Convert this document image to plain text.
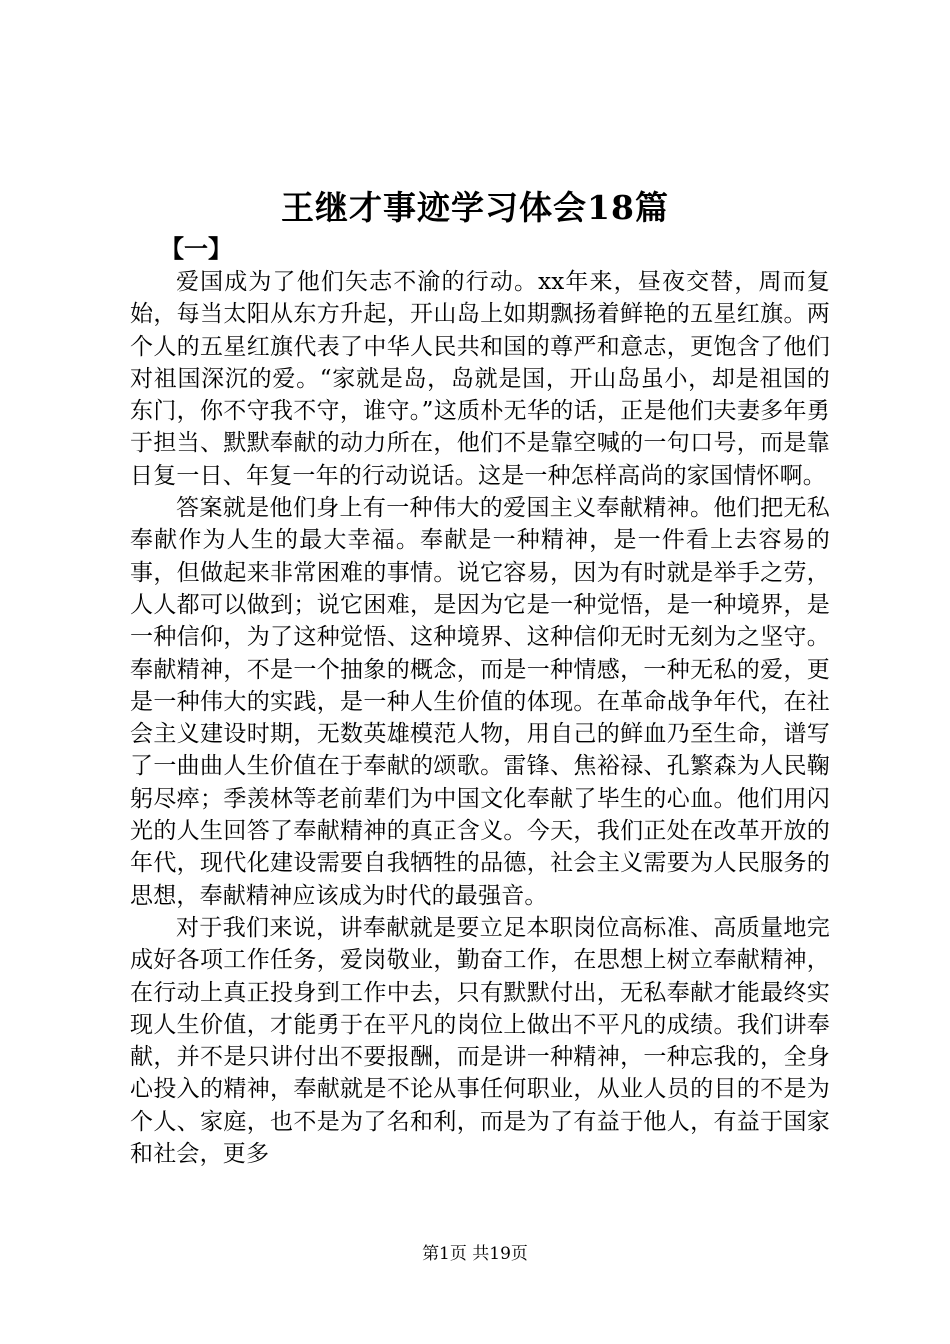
王继才事迹学习体会18篇
【一】

爱国成为了他们矢志不渝的行动。xx年来，昼夜交替，周而复始，每当太阳从东方升起，开山岛上如期飘扬着鲜艳的五星红旗。两个人的五星红旗代表了中华人民共和国的尊严和意志，更饱含了他们对祖国深沉的爱。“家就是岛，岛就是国，开山岛虽小，却是祖国的东门，你不守我不守，谁守。”这质朴无华的话，正是他们夫妻多年勇于担当、默默奉献的动力所在，他们不是靠空喊的一句口号，而是靠日复一日、年复一年的行动说话。这是一种怎样高尚的家国情怀啊。

答案就是他们身上有一种伟大的爱国主义奉献精神。他们把无私奉献作为人生的最大幸福。奉献是一种精神，是一件看上去容易的事，但做起来非常困难的事情。说它容易，因为有时就是举手之劳，人人都可以做到；说它困难，是因为它是一种觉悟，是一种境界，是一种信仰，为了这种觉悟、这种境界、这种信仰无时无刻为之坚守。奉献精神，不是一个抽象的概念，而是一种情感，一种无私的爱，更是一种伟大的实践，是一种人生价值的体现。在革命战争年代，在社会主义建设时期，无数英雄模范人物，用自己的鲜血乃至生命，谱写了一曲曲人生价值在于奉献的颂歌。雷锋、焦裕禄、孔繁森为人民鞠躬尽瘁；季羡林等老前辈们为中国文化奉献了毕生的心血。他们用闪光的人生回答了奉献精神的真正含义。今天，我们正处在改革开放的年代，现代化建设需要自我牺牲的品德，社会主义需要为人民服务的思想，奉献精神应该成为时代的最强音。

对于我们来说，讲奉献就是要立足本职岗位高标准、高质量地完成好各项工作任务，爱岗敬业，勤奋工作，在思想上树立奉献精神，在行动上真正投身到工作中去，只有默默付出，无私奉献才能最终实现人生价值，才能勇于在平凡的岗位上做出不平凡的成绩。我们讲奉献，并不是只讲付出不要报酬，而是讲一种精神，一种忘我的，全身心投入的精神，奉献就是不论从事任何职业，从业人员的目的不是为个人、家庭，也不是为了名和利，而是为了有益于他人，有益于国家和社会，更多

第1页 共19页
